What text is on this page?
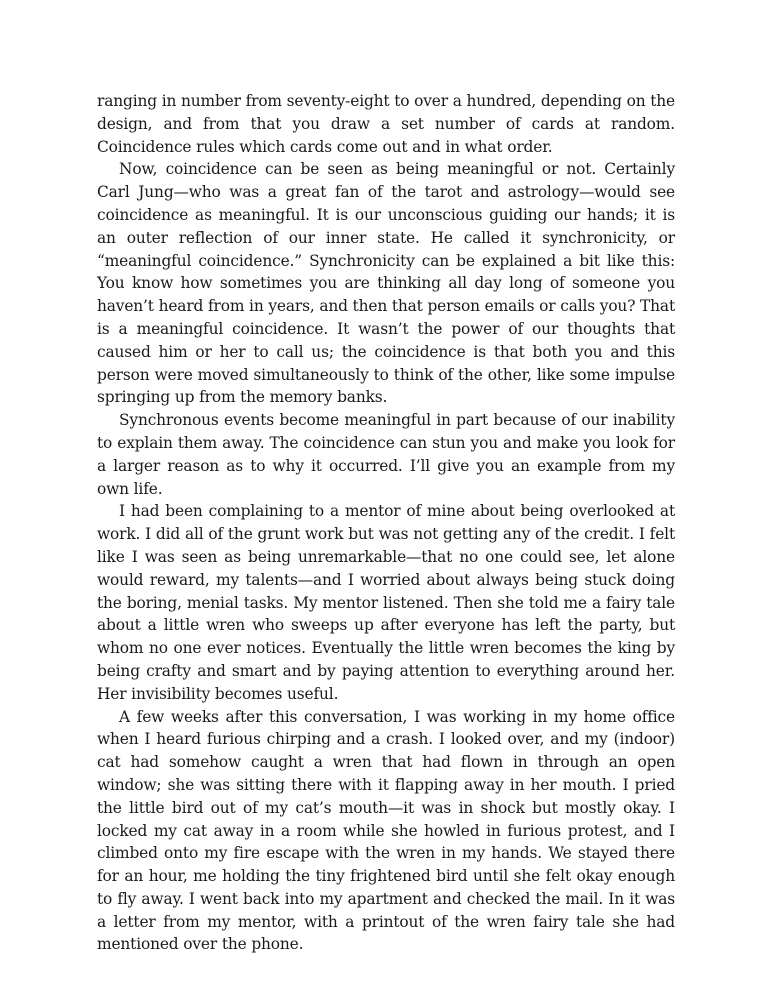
ranging in number from seventy-eight to over a hundred, depending on the design, and from that you draw a set number of cards at random. Coincidence rules which cards come out and in what order.

Now, coincidence can be seen as being meaningful or not. Certainly Carl Jung—who was a great fan of the tarot and astrology—would see coincidence as meaningful. It is our unconscious guiding our hands; it is an outer reflection of our inner state. He called it synchronicity, or “meaningful coincidence.” Synchronicity can be explained a bit like this: You know how sometimes you are thinking all day long of someone you haven’t heard from in years, and then that person emails or calls you? That is a meaningful coincidence. It wasn’t the power of our thoughts that caused him or her to call us; the coincidence is that both you and this person were moved simultaneously to think of the other, like some impulse springing up from the memory banks.

Synchronous events become meaningful in part because of our inability to explain them away. The coincidence can stun you and make you look for a larger reason as to why it occurred. I’ll give you an example from my own life.

I had been complaining to a mentor of mine about being overlooked at work. I did all of the grunt work but was not getting any of the credit. I felt like I was seen as being unremarkable—that no one could see, let alone would reward, my talents—and I worried about always being stuck doing the boring, menial tasks. My mentor listened. Then she told me a fairy tale about a little wren who sweeps up after everyone has left the party, but whom no one ever notices. Eventually the little wren becomes the king by being crafty and smart and by paying attention to everything around her. Her invisibility becomes useful.

A few weeks after this conversation, I was working in my home office when I heard furious chirping and a crash. I looked over, and my (indoor) cat had somehow caught a wren that had flown in through an open window; she was sitting there with it flapping away in her mouth. I pried the little bird out of my cat’s mouth—it was in shock but mostly okay. I locked my cat away in a room while she howled in furious protest, and I climbed onto my fire escape with the wren in my hands. We stayed there for an hour, me holding the tiny frightened bird until she felt okay enough to fly away. I went back into my apartment and checked the mail. In it was a letter from my mentor, with a printout of the wren fairy tale she had mentioned over the phone.
